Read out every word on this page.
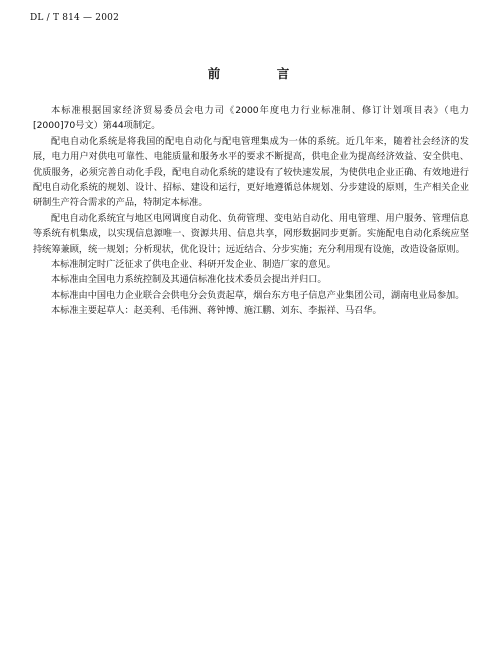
DL / T 814 — 2002
前　言

本标准根据国家经济贸易委员会电力司《2000年度电力行业标准制、修订计划项目表》（电力[2000]70号文）第44项制定。

配电自动化系统是将我国的配电自动化与配电管理集成为一体的系统。近几年来，随着社会经济的发展，电力用户对供电可靠性、电能质量和服务水平的要求不断提高，供电企业为提高经济效益、安全供电、优质服务，必须完善自动化手段，配电自动化系统的建设有了较快速发展，为使供电企业正确、有效地进行配电自动化系统的规划、设计、招标、建设和运行，更好地遵循总体规划、分步建设的原则，生产相关企业研制生产符合需求的产品，特制定本标准。

配电自动化系统宜与地区电网调度自动化、负荷管理、变电站自动化、用电管理、用户服务、管理信息等系统有机集成，以实现信息源唯一、资源共用、信息共享，网形数据同步更新。实施配电自动化系统应坚持统筹兼顾，统一规划；分析现状，优化设计；远近结合、分步实施；充分利用现有设施，改造设备原则。

本标准制定时广泛征求了供电企业、科研开发企业、制造厂家的意见。

本标准由全国电力系统控制及其通信标准化技术委员会提出并归口。

本标准由中国电力企业联合会供电分会负责起草，烟台东方电子信息产业集团公司，湖南电业局参加。

本标准主要起草人：赵美利、毛伟洲、蒋钟博、施江鹏、刘东、李振祥、马召华。
